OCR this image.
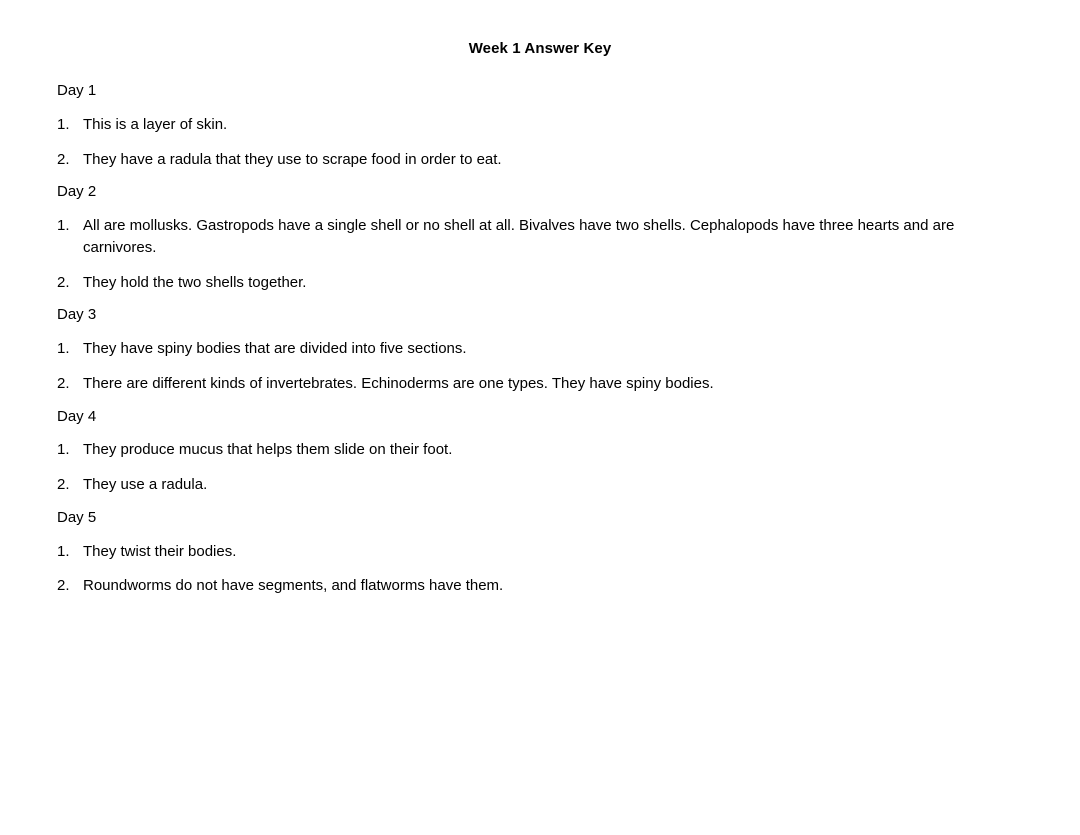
Week 1 Answer Key
Day 1
1. This is a layer of skin.
2. They have a radula that they use to scrape food in order to eat.
Day 2
1. All are mollusks. Gastropods have a single shell or no shell at all. Bivalves have two shells. Cephalopods have three hearts and are carnivores.
2. They hold the two shells together.
Day 3
1. They have spiny bodies that are divided into five sections.
2. There are different kinds of invertebrates. Echinoderms are one types. They have spiny bodies.
Day 4
1. They produce mucus that helps them slide on their foot.
2. They use a radula.
Day 5
1. They twist their bodies.
2. Roundworms do not have segments, and flatworms have them.
